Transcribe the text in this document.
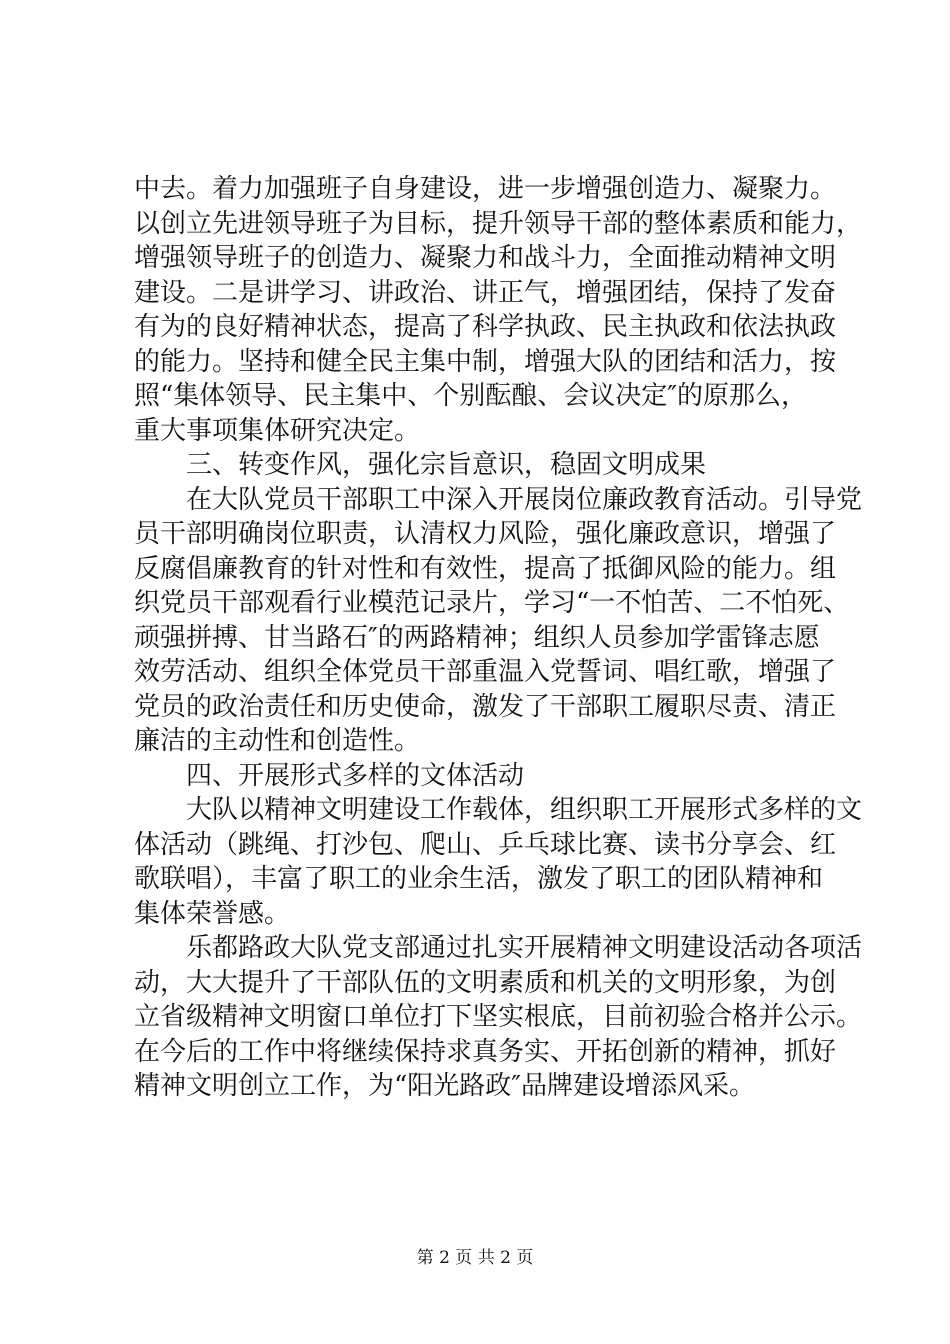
中去。着力加强班子自身建设，进一步增强创造力、凝聚力。
以创立先进领导班子为目标，提升领导干部的整体素质和能力，
增强领导班子的创造力、凝聚力和战斗力，全面推动精神文明
建设。二是讲学习、讲政治、讲正气，增强团结，保持了发奋
有为的良好精神状态，提高了科学执政、民主执政和依法执政
的能力。坚持和健全民主集中制，增强大队的团结和活力，按
照“集体领导、民主集中、个别酝酿、会议决定″的原那么，
重大事项集体研究决定。
三、转变作风，强化宗旨意识，稳固文明成果
在大队党员干部职工中深入开展岗位廉政教育活动。引导党
员干部明确岗位职责，认清权力风险，强化廉政意识，增强了
反腐倡廉教育的针对性和有效性，提高了抵御风险的能力。组
织党员干部观看行业模范记录片，学习“一不怕苦、二不怕死、
顽强拼搏、甘当路石″的两路精神；组织人员参加学雷锋志愿
效劳活动、组织全体党员干部重温入党誓词、唱红歌，增强了
党员的政治责任和历史使命，激发了干部职工履职尽责、清正
廉洁的主动性和创造性。
四、开展形式多样的文体活动
大队以精神文明建设工作载体，组织职工开展形式多样的文
体活动（跳绳、打沙包、爬山、乒乓球比赛、读书分享会、红
歌联唱），丰富了职工的业余生活，激发了职工的团队精神和
集体荣誉感。
乐都路政大队党支部通过扎实开展精神文明建设活动各项活
动，大大提升了干部队伍的文明素质和机关的文明形象，为创
立省级精神文明窗口单位打下坚实根底，目前初验合格并公示。
在今后的工作中将继续保持求真务实、开拓创新的精神，抓好
精神文明创立工作，为“阳光路政″品牌建设增添风采。
第 2 页 共 2 页
